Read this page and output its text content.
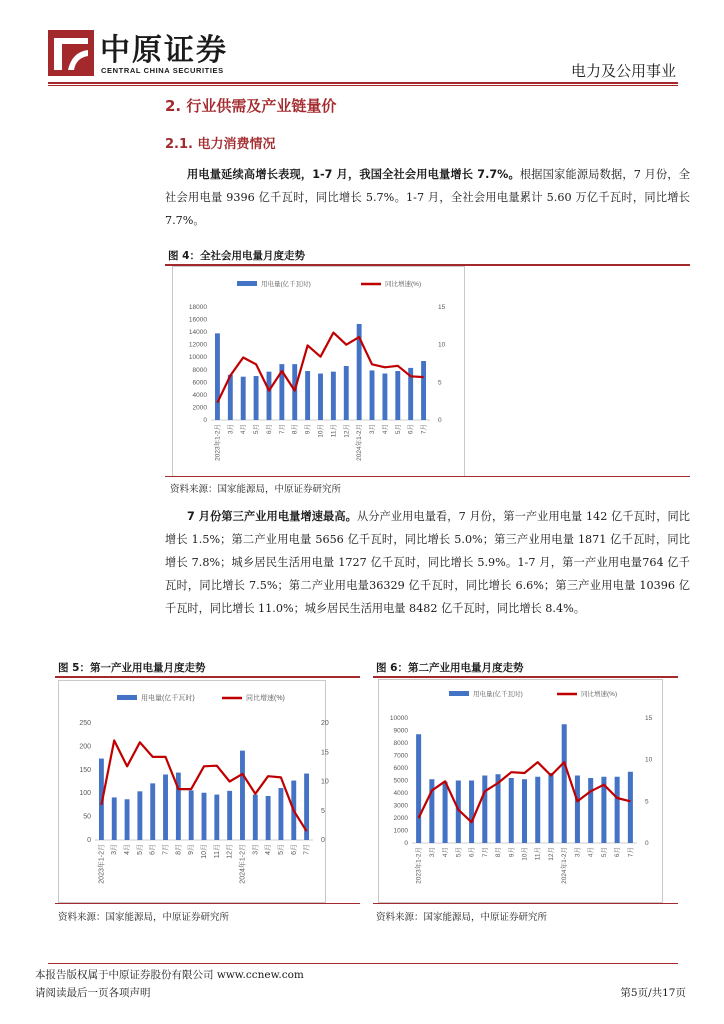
中原证券
CENTRAL CHINA SECURITIES	电力及公用事业
2. 行业供需及产业链量价
2.1. 电力消费情况
用电量延续高增长表现，1-7 月，我国全社会用电量增长 7.7%。根据国家能源局数据，7 月份，全社会用电量 9396 亿千瓦时，同比增长 5.7%。1-7 月，全社会用电量累计 5.60 万亿千瓦时，同比增长 7.7%。
图 4：全社会用电量月度走势
用电量(亿千瓦时)	同比增速(%)
0
2000
4000
6000
8000
10000
12000
14000
16000
18000
0
5
10
15
2023年1-2月 3月 4月 5月 6月 7月 8月 9月 10月 11月 12月 2024年1-2月 3月 4月 5月 6月 7月
资料来源：国家能源局，中原证券研究所
7 月份第三产业用电量增速最高。从分产业用电量看，7 月份，第一产业用电量 142 亿千瓦时，同比增长 1.5%；第二产业用电量 5656 亿千瓦时，同比增长 5.0%；第三产业用电量 1871 亿千瓦时，同比增长 7.8%；城乡居民生活用电量 1727 亿千瓦时，同比增长 5.9%。1-7 月，第一产业用电量764 亿千瓦时，同比增长 7.5%；第二产业用电量36329 亿千瓦时，同比增长 6.6%；第三产业用电量 10396 亿千瓦时，同比增长 11.0%；城乡居民生活用电量 8482 亿千瓦时，同比增长 8.4%。
图 5：第一产业用电量月度走势
用电量(亿千瓦时)	同比增速(%)
0
50
100
150
200
250
0
5
10
15
20
2023年1-2月 3月 4月 5月 6月 7月 8月 9月 10月 11月 12月 2024年1-2月 3月 4月 5月 6月 7月
资料来源：国家能源局，中原证券研究所
图 6：第二产业用电量月度走势
用电量(亿千瓦时)	同比增速(%)
0
1000
2000
3000
4000
5000
6000
7000
8000
9000
10000
0
5
10
15
2023年1-2月 3月 4月 5月 6月 7月 8月 9月 10月 11月 12月 2024年1-2月 3月 4月 5月 6月 7月
资料来源：国家能源局，中原证券研究所
本报告版权属于中原证券股份有限公司 www.ccnew.com
请阅读最后一页各项声明	第5页/共17页
